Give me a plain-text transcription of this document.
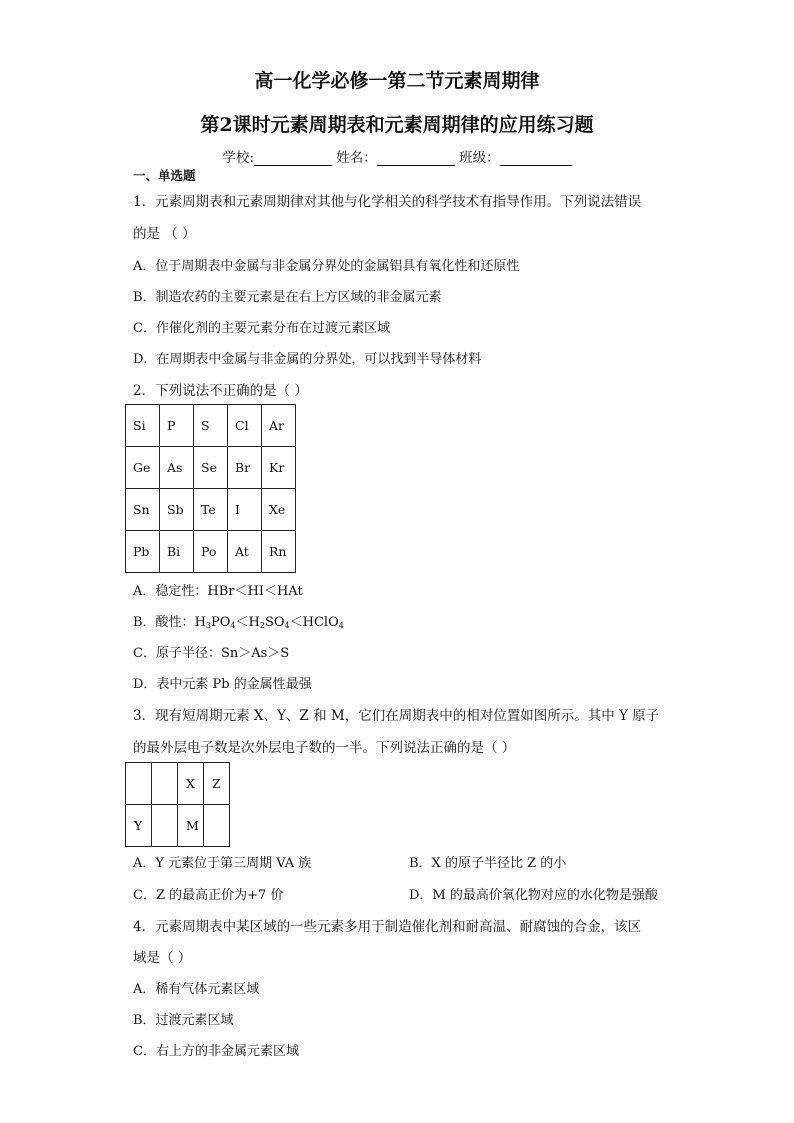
高一化学必修一第二节元素周期律
第2课时元素周期表和元素周期律的应用练习题
学校:	姓名：	班级：
一、单选题
1．元素周期表和元素周期律对其他与化学相关的科学技术有指导作用。下列说法错误
的是 （ ）
A．位于周期表中金属与非金属分界处的金属铝具有氧化性和还原性
B．制造农药的主要元素是在右上方区域的非金属元素
C．作催化剂的主要元素分布在过渡元素区域
D．在周期表中金属与非金属的分界处，可以找到半导体材料
2．下列说法不正确的是（ ）
Si	P	S	Cl	Ar
Ge	As	Se	Br	Kr
Sn	Sb	Te	I	Xe
Pb	Bi	Po	At	Rn
A．稳定性：HBr＜HI＜HAt
B．酸性：$H_3PO_4<H_2SO_4<HClO_4$
C．原子半径：Sn＞As＞S
D．表中元素 Pb 的金属性最强
3．现有短周期元素 X、Y、Z 和 M，它们在周期表中的相对位置如图所示。其中 Y 原子
的最外层电子数是次外层电子数的一半。下列说法正确的是（ ）
		X	Z
Y		M	
A．Y 元素位于第三周期 VA 族	B．X 的原子半径比 Z 的小
C．Z 的最高正价为+7 价	D．M 的最高价氧化物对应的水化物是强酸
4．元素周期表中某区域的一些元素多用于制造催化剂和耐高温、耐腐蚀的合金，该区
域是（ ）
A．稀有气体元素区域
B．过渡元素区域
C．右上方的非金属元素区域
